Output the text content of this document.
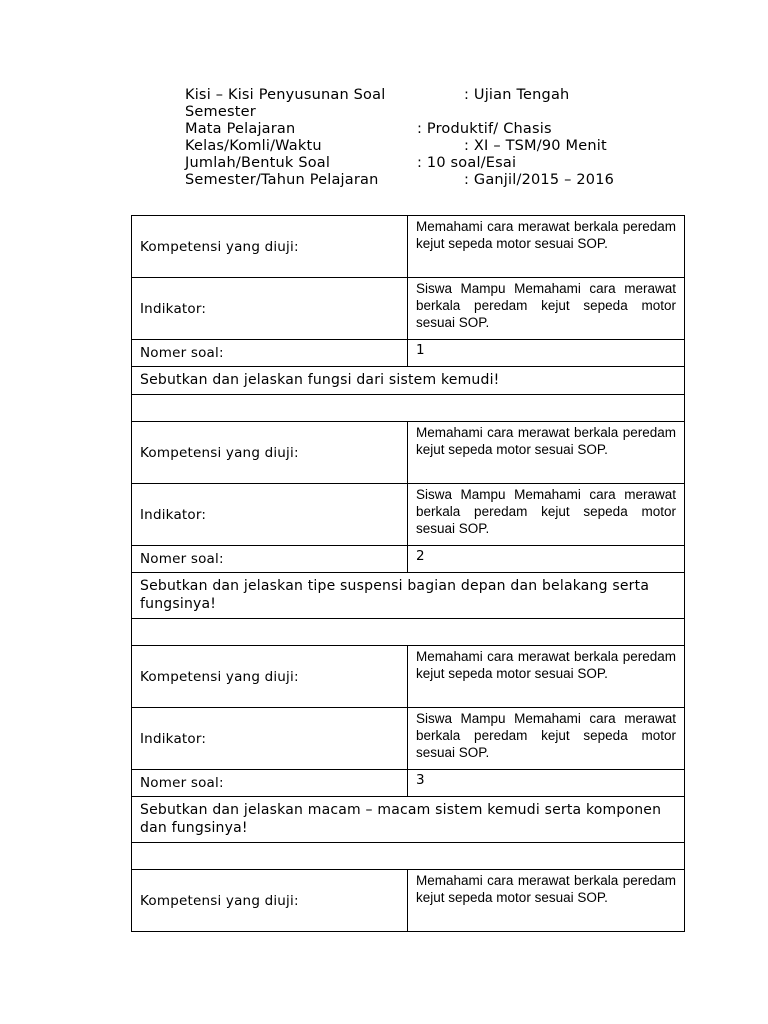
Kisi – Kisi Penyusunan Soal	: Ujian Tengah
Semester
Mata Pelajaran	: Produktif/ Chasis
Kelas/Komli/Waktu	: XI – TSM/90 Menit
Jumlah/Bentuk Soal	: 10 soal/Esai
Semester/Tahun Pelajaran	: Ganjil/2015 – 2016
Kompetensi yang diuji:	Memahami cara merawat berkala peredam kejut sepeda motor sesuai SOP.
Indikator:	Siswa Mampu Memahami cara merawat berkala peredam kejut sepeda motor sesuai SOP.
Nomer soal:	1
Sebutkan dan jelaskan fungsi dari sistem kemudi!	

Kompetensi yang diuji:	Memahami cara merawat berkala peredam kejut sepeda motor sesuai SOP.
Indikator:	Siswa Mampu Memahami cara merawat berkala peredam kejut sepeda motor sesuai SOP.
Nomer soal:	2
Sebutkan dan jelaskan tipe suspensi bagian depan dan belakang serta fungsinya!	

Kompetensi yang diuji:	Memahami cara merawat berkala peredam kejut sepeda motor sesuai SOP.
Indikator:	Siswa Mampu Memahami cara merawat berkala peredam kejut sepeda motor sesuai SOP.
Nomer soal:	3
Sebutkan dan jelaskan macam – macam sistem kemudi serta komponen dan fungsinya!	

Kompetensi yang diuji:	Memahami cara merawat berkala peredam kejut sepeda motor sesuai SOP.
